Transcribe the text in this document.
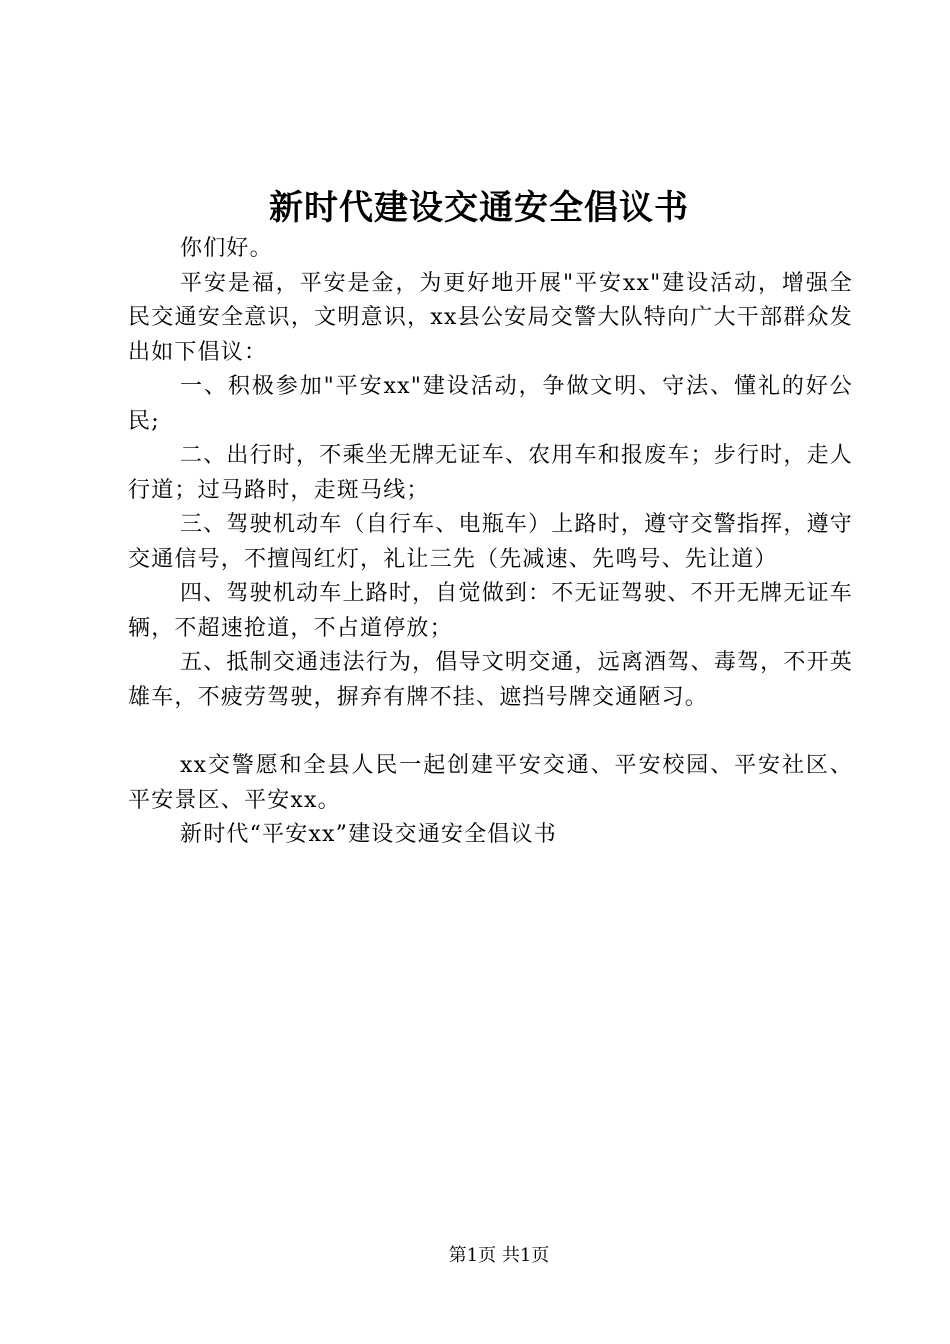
新时代建设交通安全倡议书

你们好。

平安是福，平安是金，为更好地开展"平安xx"建设活动，增强全民交通安全意识，文明意识，xx县公安局交警大队特向广大干部群众发出如下倡议：

一、积极参加"平安xx"建设活动，争做文明、守法、懂礼的好公民;

二、出行时，不乘坐无牌无证车、农用车和报废车；步行时，走人行道；过马路时，走斑马线；

三、驾驶机动车（自行车、电瓶车）上路时，遵守交警指挥，遵守交通信号，不擅闯红灯，礼让三先（先减速、先鸣号、先让道）

四、驾驶机动车上路时，自觉做到：不无证驾驶、不开无牌无证车辆，不超速抢道，不占道停放；

五、抵制交通违法行为，倡导文明交通，远离酒驾、毒驾，不开英雄车，不疲劳驾驶，摒弃有牌不挂、遮挡号牌交通陋习。

xx交警愿和全县人民一起创建平安交通、平安校园、平安社区、平安景区、平安xx。

新时代“平安xx”建设交通安全倡议书

第1页 共1页
